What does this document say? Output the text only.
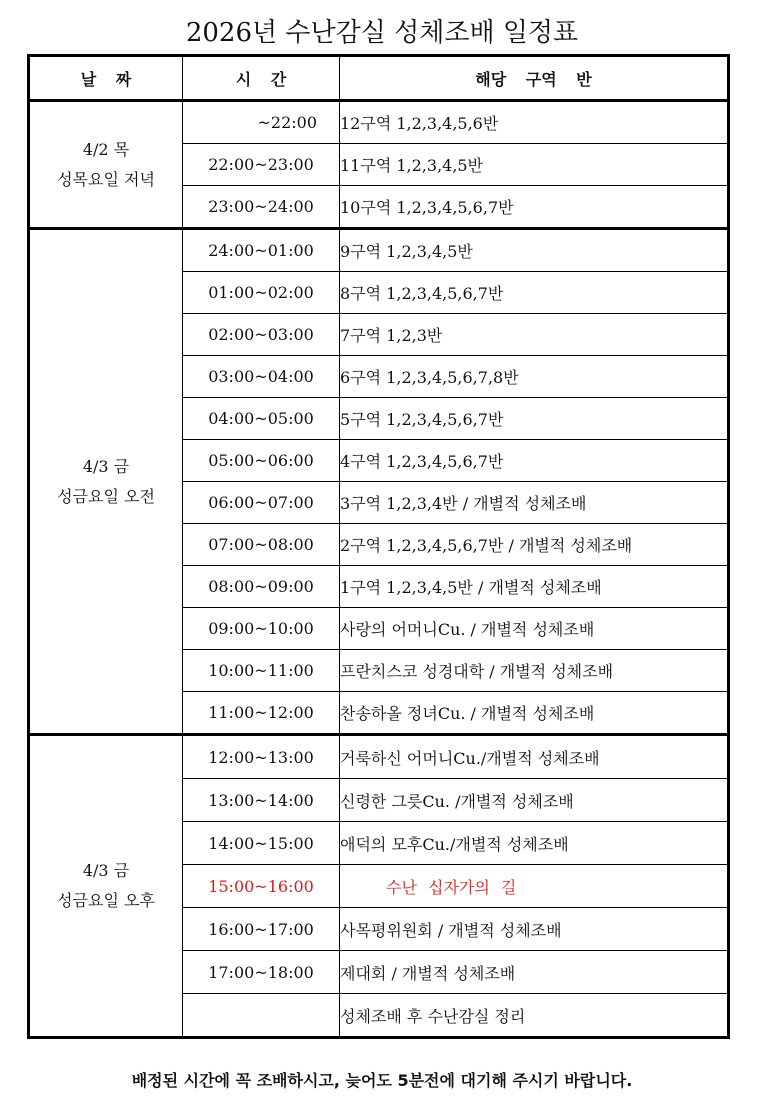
2026년 수난감실 성체조배 일정표
날 짜	시 간	해당 구역 반

4/2 목
성목요일 저녁	~22:00	12구역 1,2,3,4,5,6반
	22:00~23:00	11구역 1,2,3,4,5반
	23:00~24:00	10구역 1,2,3,4,5,6,7반

4/3 금
성금요일 오전	24:00~01:00	9구역 1,2,3,4,5반
	01:00~02:00	8구역 1,2,3,4,5,6,7반
	02:00~03:00	7구역 1,2,3반
	03:00~04:00	6구역 1,2,3,4,5,6,7,8반
	04:00~05:00	5구역 1,2,3,4,5,6,7반
	05:00~06:00	4구역 1,2,3,4,5,6,7반
	06:00~07:00	3구역 1,2,3,4반 / 개별적 성체조배
	07:00~08:00	2구역 1,2,3,4,5,6,7반 / 개별적 성체조배
	08:00~09:00	1구역 1,2,3,4,5반 / 개별적 성체조배
	09:00~10:00	사랑의 어머니Cu. / 개별적 성체조배
	10:00~11:00	프란치스코 성경대학 / 개별적 성체조배
	11:00~12:00	찬송하올 정녀Cu. / 개별적 성체조배

4/3 금
성금요일 오후	12:00~13:00	거룩하신 어머니Cu./개별적 성체조배
	13:00~14:00	신령한 그릇Cu. /개별적 성체조배
	14:00~15:00	애덕의 모후Cu./개별적 성체조배
	15:00~16:00	수난 십자가의 길
	16:00~17:00	사목평위원회 / 개별적 성체조배
	17:00~18:00	제대회 / 개별적 성체조배
		성체조배 후 수난감실 정리
배정된 시간에 꼭 조배하시고, 늦어도 5분전에 대기해 주시기 바랍니다.
